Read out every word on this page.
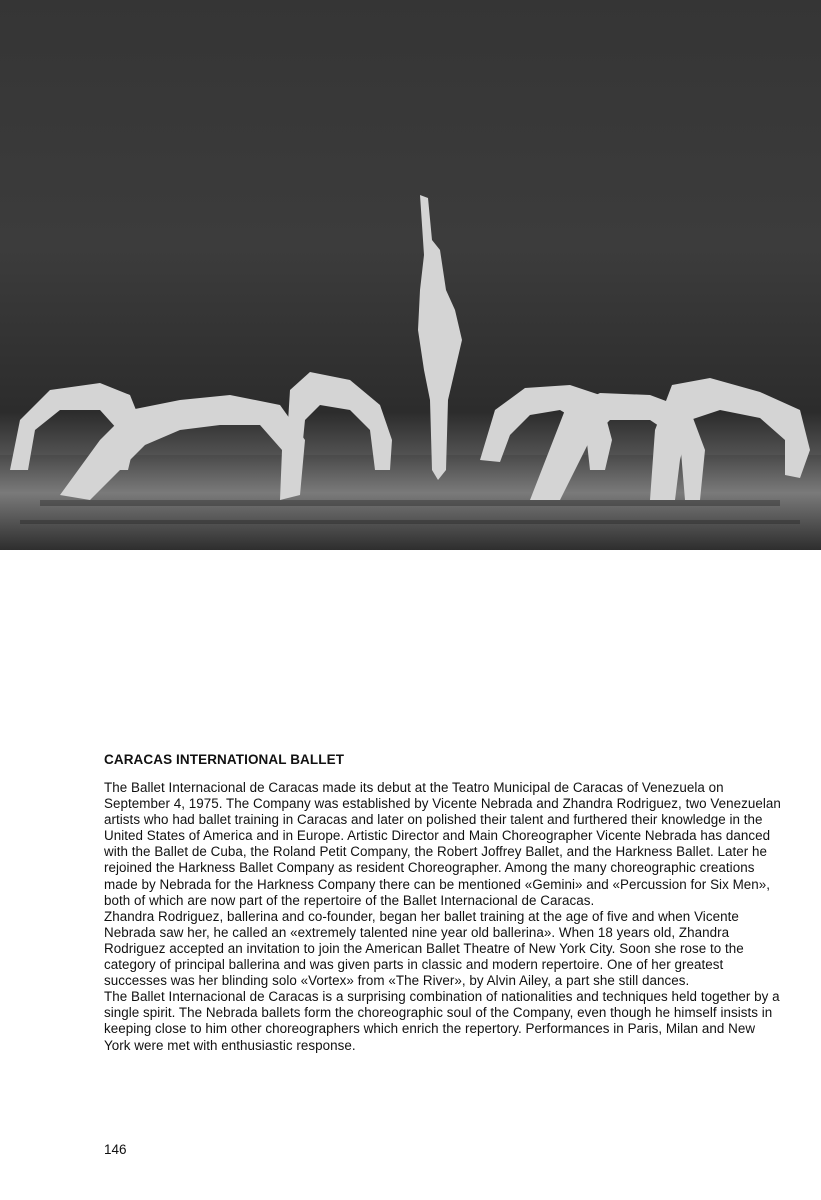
CARACAS INTERNATIONAL BALLET

The Ballet Internacional de Caracas made its debut at the Teatro Municipal de Caracas of Venezuela on September 4, 1975. The Company was established by Vicente Nebrada and Zhandra Rodriguez, two Venezuelan artists who had ballet training in Caracas and later on polished their talent and furthered their knowledge in the United States of America and in Europe. Artistic Director and Main Choreographer Vicente Nebrada has danced with the Ballet de Cuba, the Roland Petit Company, the Robert Joffrey Ballet, and the Harkness Ballet. Later he rejoined the Harkness Ballet Company as resident Choreographer. Among the many choreographic creations made by Nebrada for the Harkness Company there can be mentioned «Gemini» and «Percussion for Six Men», both of which are now part of the repertoire of the Ballet Internacional de Caracas.

Zhandra Rodriguez, ballerina and co-founder, began her ballet training at the age of five and when Vicente Nebrada saw her, he called an «extremely talented nine year old ballerina». When 18 years old, Zhandra Rodriguez accepted an invitation to join the American Ballet Theatre of New York City. Soon she rose to the category of principal ballerina and was given parts in classic and modern repertoire. One of her greatest successes was her blinding solo «Vortex» from «The River», by Alvin Ailey, a part she still dances.

The Ballet Internacional de Caracas is a surprising combination of nationalities and techniques held together by a single spirit. The Nebrada ballets form the choreographic soul of the Company, even though he himself insists in keeping close to him other choreographers which enrich the repertory. Performances in Paris, Milan and New York were met with enthusiastic response.

146
